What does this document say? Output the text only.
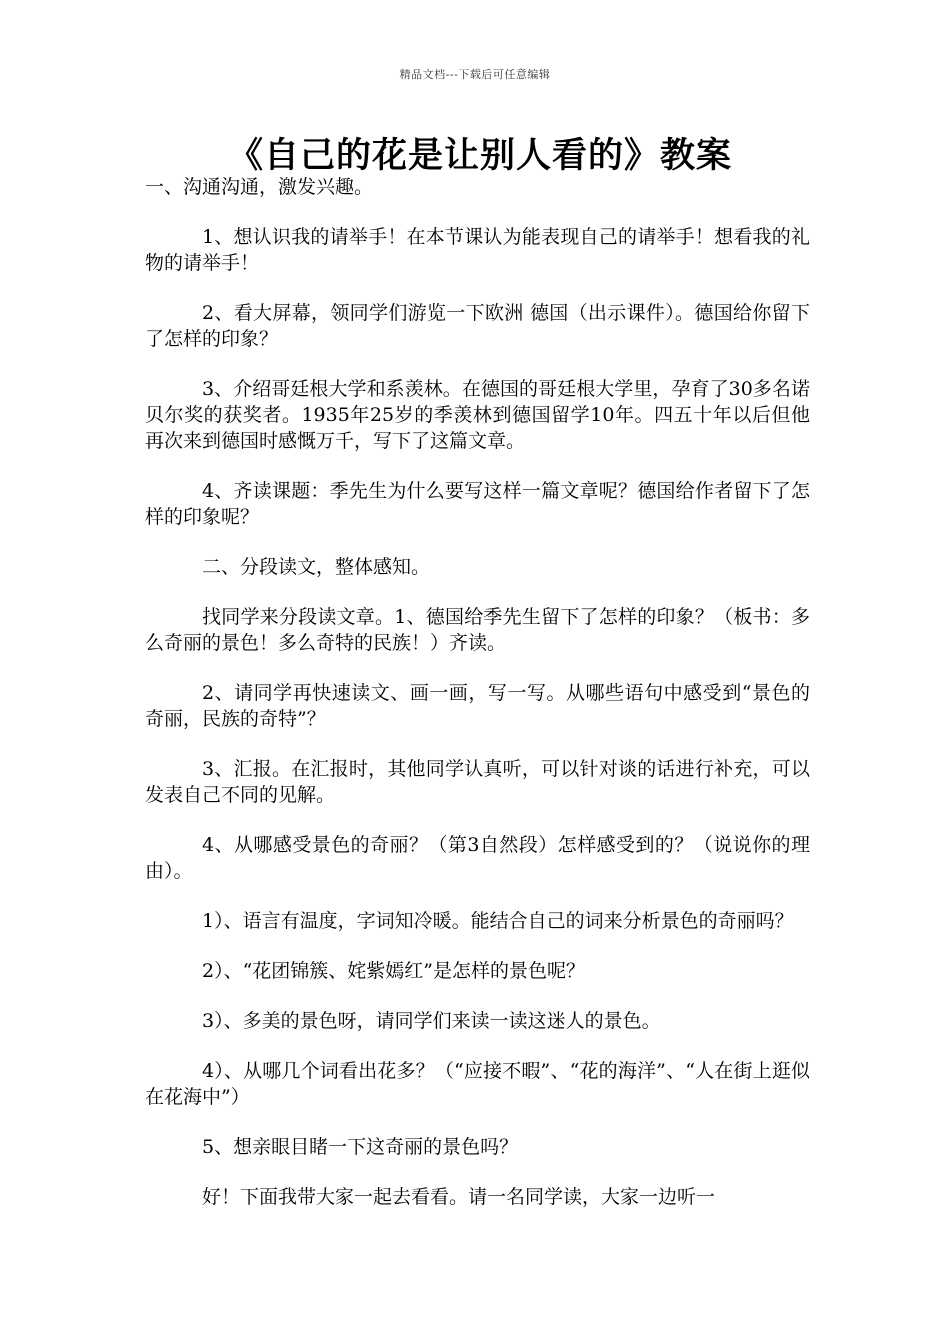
精品文档---下载后可任意编辑
《自己的花是让别人看的》教案

一、沟通沟通，激发兴趣。

1、想认识我的请举手！在本节课认为能表现自己的请举手！想看我的礼物的请举手！

2、看大屏幕，领同学们游览一下欧洲 德国（出示课件）。德国给你留下了怎样的印象？

3、介绍哥廷根大学和系羡林。在德国的哥廷根大学里，孕育了30多名诺贝尔奖的获奖者。1935年25岁的季羡林到德国留学10年。四五十年以后但他再次来到德国时感慨万千，写下了这篇文章。

4、齐读课题：季先生为什么要写这样一篇文章呢？德国给作者留下了怎样的印象呢？

二、分段读文，整体感知。

找同学来分段读文章。1、德国给季先生留下了怎样的印象？（板书：多么奇丽的景色！多么奇特的民族！）齐读。

2、请同学再快速读文、画一画，写一写。从哪些语句中感受到“景色的奇丽，民族的奇特”？

3、汇报。在汇报时，其他同学认真听，可以针对谈的话进行补充，可以发表自己不同的见解。

4、从哪感受景色的奇丽？（第3自然段）怎样感受到的？（说说你的理由）。

1）、语言有温度，字词知冷暖。能结合自己的词来分析景色的奇丽吗？

2）、“花团锦簇、姹紫嫣红”是怎样的景色呢？

3）、多美的景色呀，请同学们来读一读这迷人的景色。

4）、从哪几个词看出花多？（“应接不暇”、“花的海洋”、“人在街上逛似在花海中”）

5、想亲眼目睹一下这奇丽的景色吗？

好！下面我带大家一起去看看。请一名同学读，大家一边听一
